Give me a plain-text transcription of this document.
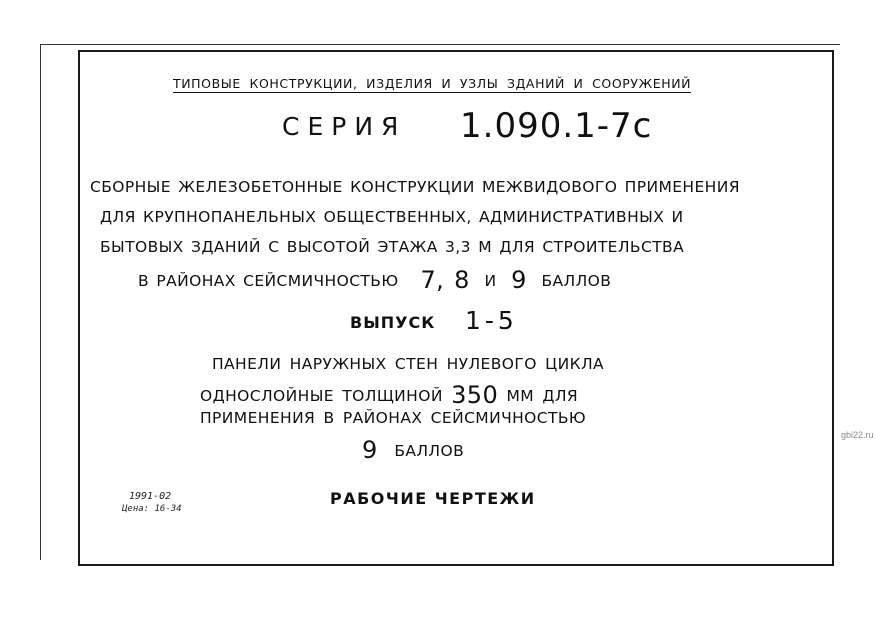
ТИПОВЫЕ КОНСТРУКЦИИ, ИЗДЕЛИЯ И УЗЛЫ ЗДАНИЙ И СООРУЖЕНИЙ
СЕРИЯ 1.090.1-7с
СБОРНЫЕ ЖЕЛЕЗОБЕТОННЫЕ КОНСТРУКЦИИ МЕЖВИДОВОГО ПРИМЕНЕНИЯ
ДЛЯ КРУПНОПАНЕЛЬНЫХ ОБЩЕСТВЕННЫХ, АДМИНИСТРАТИВНЫХ И
БЫТОВЫХ ЗДАНИЙ С ВЫСОТОЙ ЭТАЖА 3,3 М ДЛЯ СТРОИТЕЛЬСТВА
В РАЙОНАХ СЕЙСМИЧНОСТЬЮ 7, 8 И 9 БАЛЛОВ
ВЫПУСК 1-5
ПАНЕЛИ НАРУЖНЫХ СТЕН НУЛЕВОГО ЦИКЛА
ОДНОСЛОЙНЫЕ ТОЛЩИНОЙ 350 ММ ДЛЯ
ПРИМЕНЕНИЯ В РАЙОНАХ СЕЙСМИЧНОСТЬЮ
9 БАЛЛОВ
1991-02
Цена: 16-34
РАБОЧИЕ ЧЕРТЕЖИ
gbi22.ru
